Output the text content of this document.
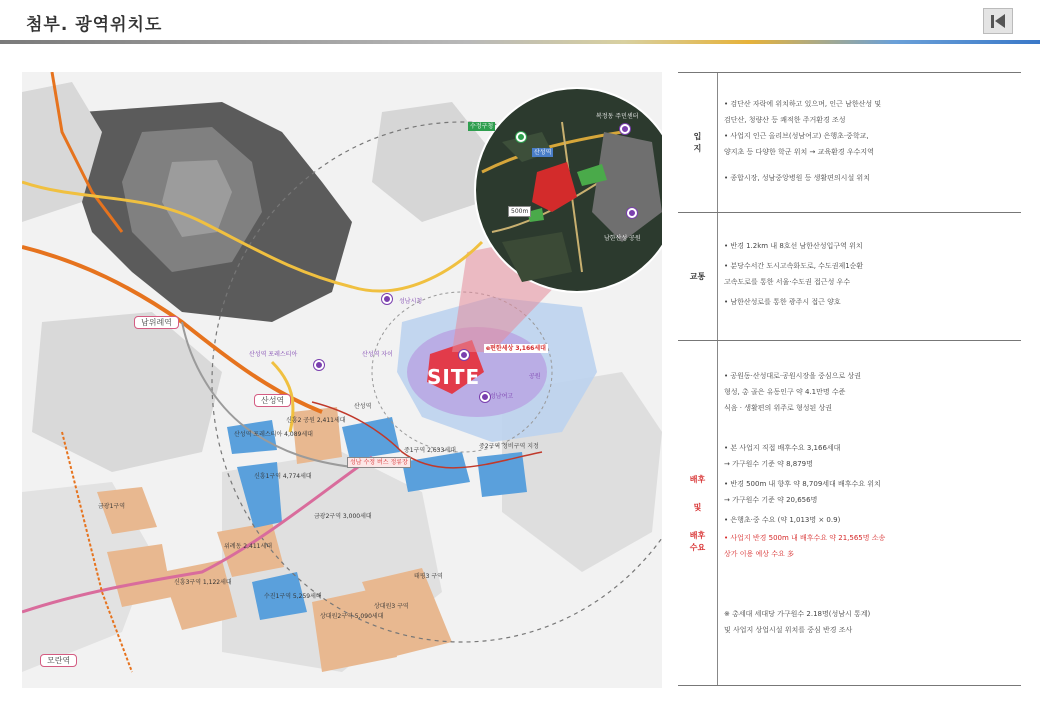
첨부. 광역위치도
남위례역
산성역
모란역
SITE
e편한세상 3,166세대
산성역 포레스티아	산성역 자이
성남여고
성남시청
공원
수정구청
산성역
복정동 주민센터
500m
남한산성 공원
산성역
성남 수정 버스 정류장
산성역 포레스티아 4,089세대
신흥2 공원 2,411세대
신흥1구역 4,774세대
중1구역 2,633세대
중2구역 정비구역 지정
금광1구역
신흥3구역 1,122세대
위례동 2,411세대
상대원2구역 5,090세대
상대원3 구역
수진1구역 5,259세대
금광2구역 3,000세대
태평3 구역
입
지
• 검단산 자락에 위치하고 있으며, 인근 남한산성 및
검단산, 청량산 등 쾌적한 주거환경 조성
• 사업지 인근 올리브(성남여고) 은행초·중학교,
양지초 등 다양한 학군 위치 → 교육환경 우수지역
• 종합시장, 성남중앙병원 등 생활편의시설 위치
교통
• 반경 1.2km 내 8호선 남한산성입구역 위치
• 분당수서간 도시고속화도로, 수도권제1순환
고속도로를 통한 서울·수도권 접근성 우수
• 남한산성로를 통한 광주시 접근 양호
배후
및
배후
수요
• 공원동·산성대로·공원시장을 중심으로 상권
형성, 총 골은 유동인구 약 4.1만명 수준
식음 · 생활편의 위주로 형성된 상권
• 본 사업지 직접 배후수요 3,166세대
→ 가구원수 기준 약 8,879명
• 반경 500m 내 향후 약 8,709세대 배후수요 위치
→ 가구원수 기준 약 20,656명
• 은행초·중 수요 (약 1,013명 × 0.9)
• 사업지 반경 500m 내 배후수요 약 21,565명 소송
상가 이용 예상 수요 多
※ 총세대 세대당 가구원수 2.18명(성남시 통계)
및 사업지 상업시설 위치를 중심 반경 조사
